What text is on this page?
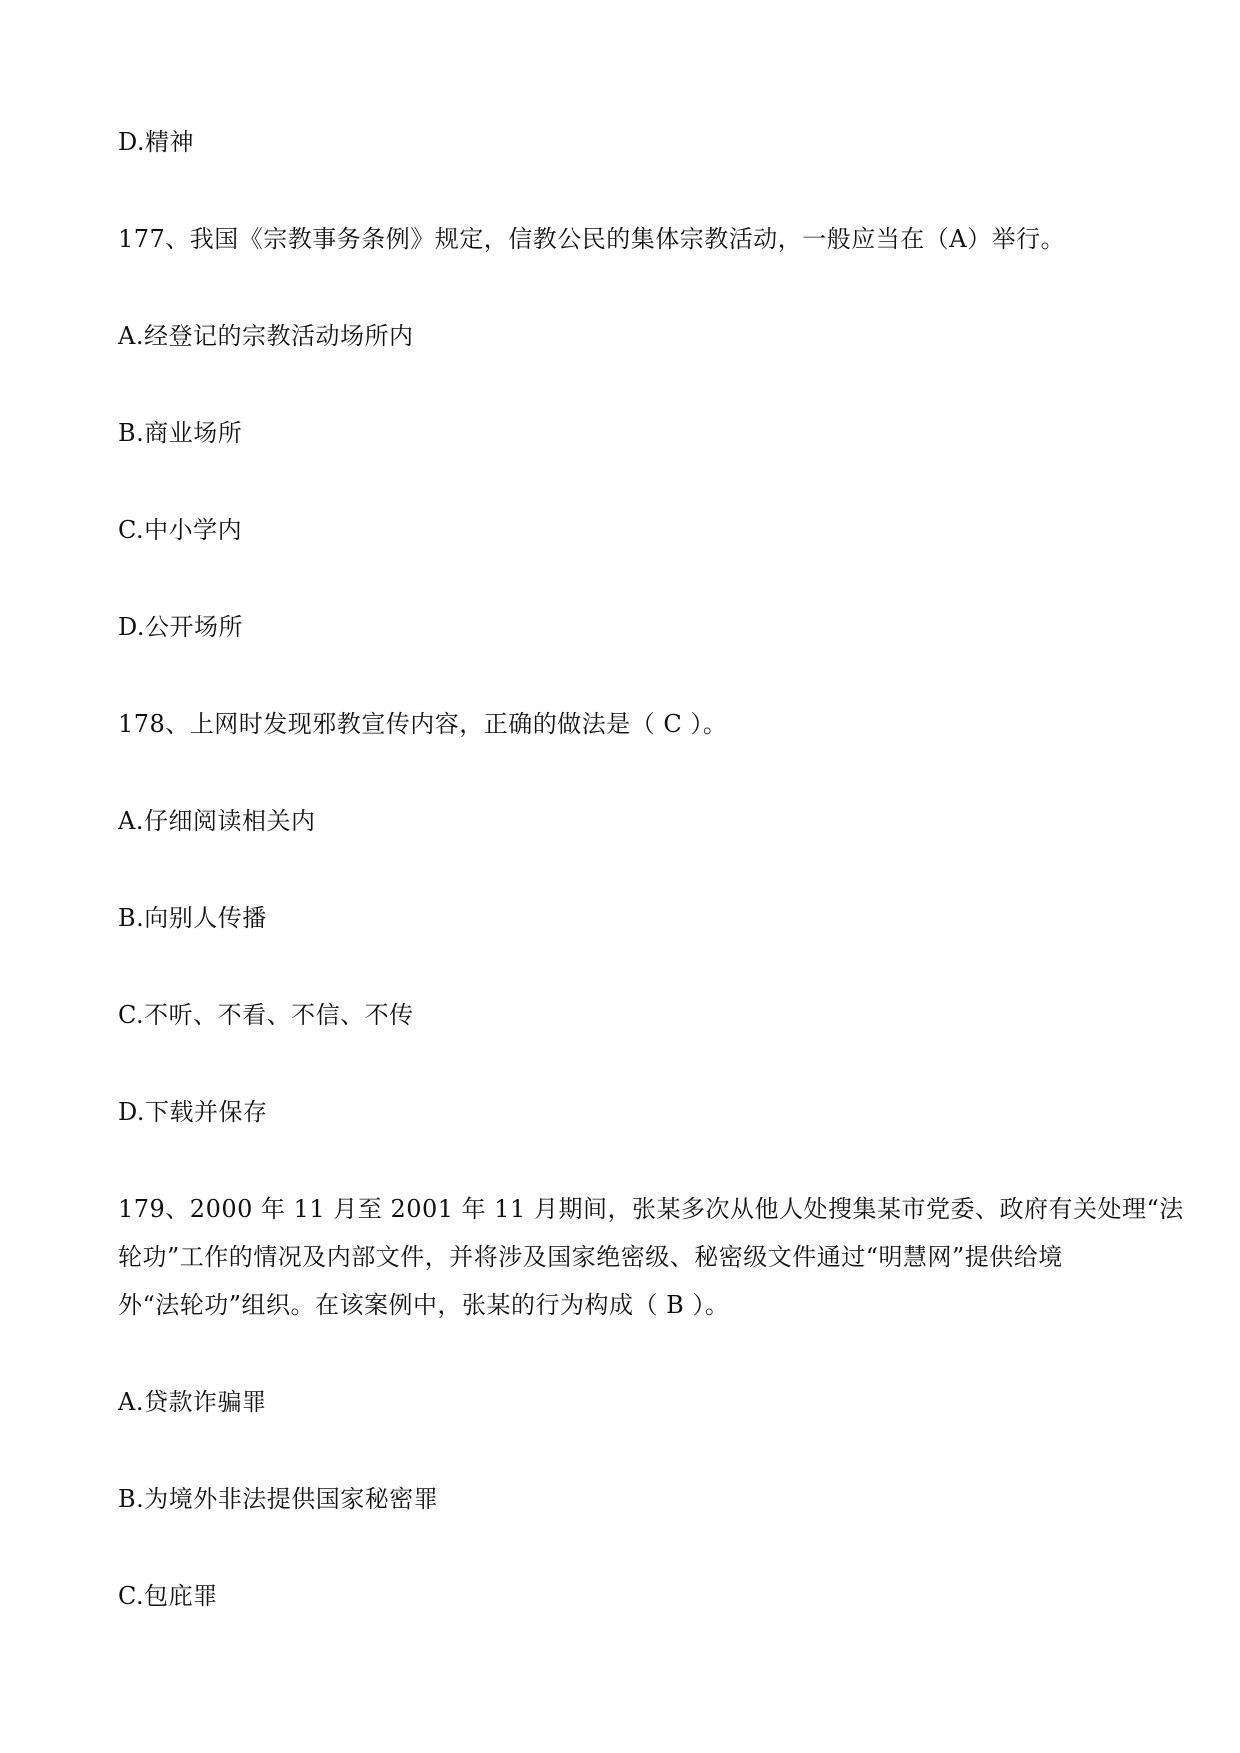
D.精神
177、我国《宗教事务条例》规定，信教公民的集体宗教活动，一般应当在（A）举行。
A.经登记的宗教活动场所内
B.商业场所
C.中小学内
D.公开场所
178、上网时发现邪教宣传内容，正确的做法是（ C ）。
A.仔细阅读相关内
B.向别人传播
C.不听、不看、不信、不传
D.下载并保存
179、2000 年 11 月至 2001 年 11 月期间，张某多次从他人处搜集某市党委、政府有关处理“法
轮功”工作的情况及内部文件，并将涉及国家绝密级、秘密级文件通过“明慧网”提供给境
外“法轮功”组织。在该案例中，张某的行为构成（ B ）。
A.贷款诈骗罪
B.为境外非法提供国家秘密罪
C.包庇罪
